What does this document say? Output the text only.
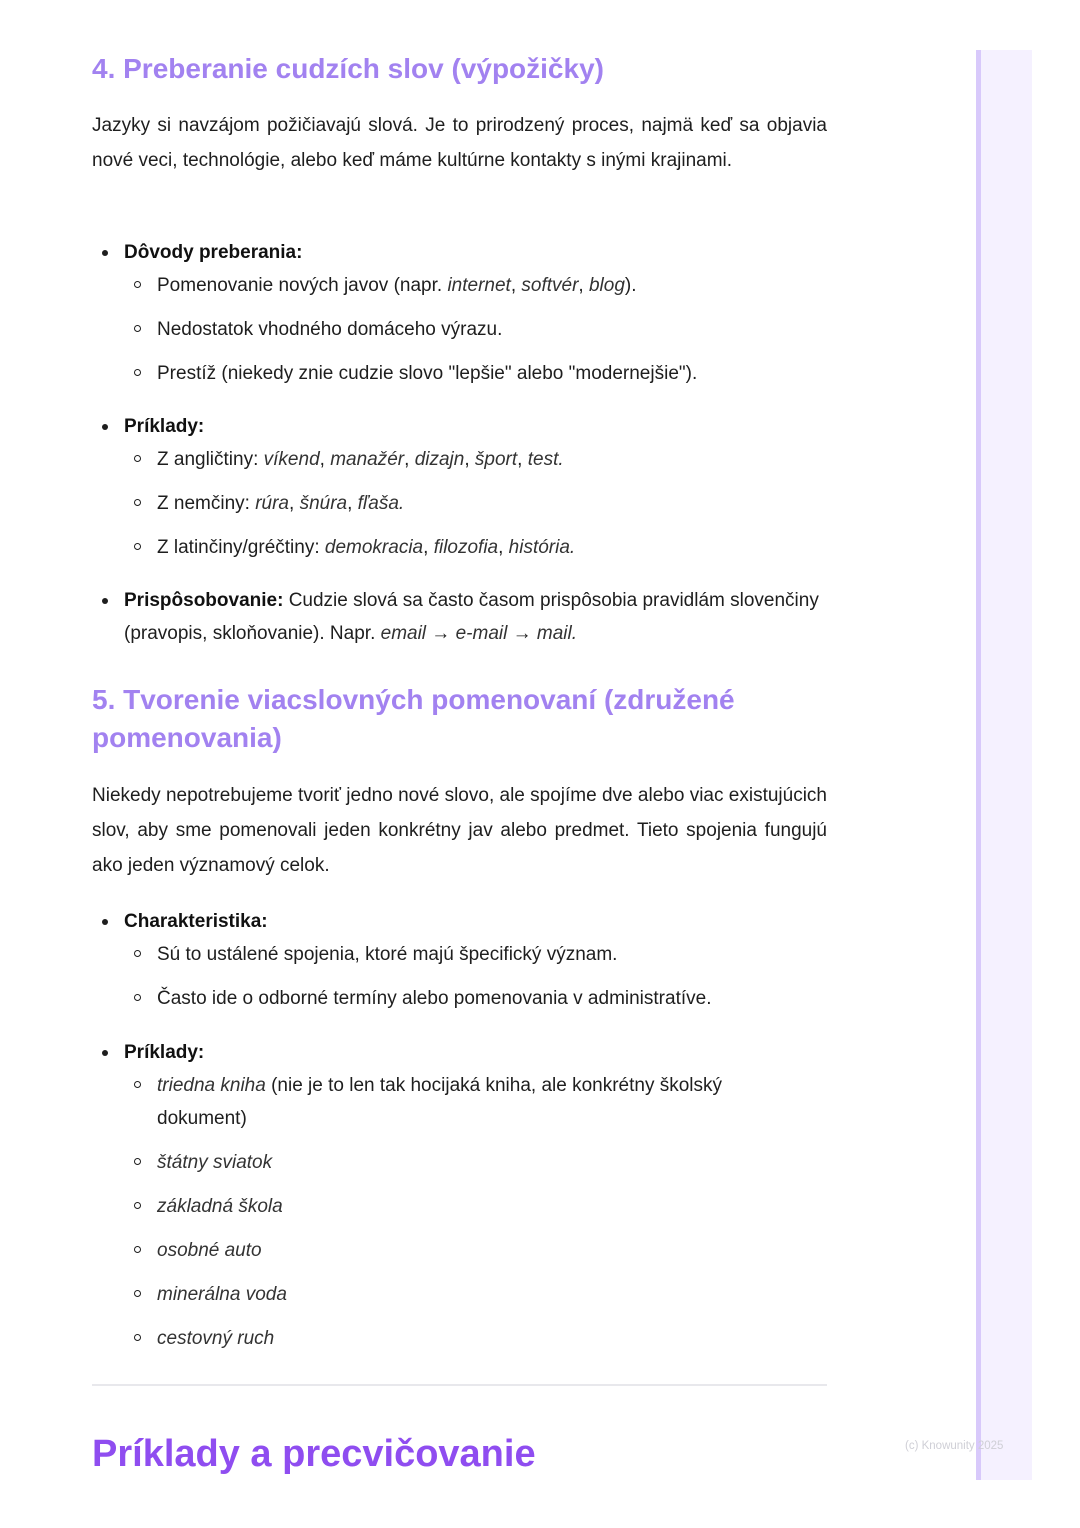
(c) Knowunity 2025
4. Preberanie cudzích slov (výpožičky)

Jazyky si navzájom požičiavajú slová. Je to prirodzený proces, najmä keď sa objavia nové veci, technológie, alebo keď máme kultúrne kontakty s inými krajinami.

Dôvody preberania:
Pomenovanie nových javov (napr. internet, softvér, blog).
Nedostatok vhodného domáceho výrazu.
Prestíž (niekedy znie cudzie slovo "lepšie" alebo "modernejšie").
Príklady:
Z angličtiny: víkend, manažér, dizajn, šport, test.
Z nemčiny: rúra, šnúra, fľaša.
Z latinčiny/gréčtiny: demokracia, filozofia, história.
Prispôsobovanie: Cudzie slová sa často časom prispôsobia pravidlám slovenčiny (pravopis, skloňovanie). Napr. email → e-mail → mail.
5. Tvorenie viacslovných pomenovaní (združené pomenovania)

Niekedy nepotrebujeme tvoriť jedno nové slovo, ale spojíme dve alebo viac existujúcich slov, aby sme pomenovali jeden konkrétny jav alebo predmet. Tieto spojenia fungujú ako jeden významový celok.

Charakteristika:
Sú to ustálené spojenia, ktoré majú špecifický význam.
Často ide o odborné termíny alebo pomenovania v administratíve.
Príklady:
triedna kniha (nie je to len tak hocijaká kniha, ale konkrétny školský dokument)
štátny sviatok
základná škola
osobné auto
minerálna voda
cestovný ruch
Príklady a precvičovanie
